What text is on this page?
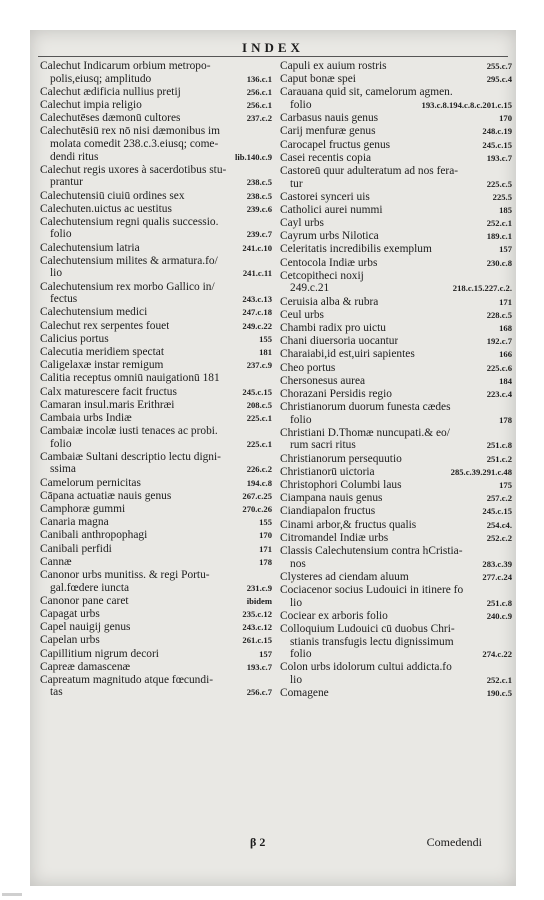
INDEX
Calechut Indicarum orbium metropo-
polis,eiusq; amplitudo	136.c.1
Calechut ædificia nullius pretij	256.c.1
Calechut impia religio	256.c.1
Calechutēses dæmonū cultores	237.c.2
Calechutēsiū rex nō nisi dæmonibus im
molata comedit 238.c.3.eiusq; come-
dendi ritus	lib.140.c.9
Calechut regis uxores à sacerdotibus stu-
prantur	238.c.5
Calechutensiū ciuiū ordines sex	238.c.5
Calechuten.uictus ac uestitus	239.c.6
Calechutensium regni qualis successio.
folio	239.c.7
Calechutensium latria	241.c.10
Calechutensium milites & armatura.fo/
lio	241.c.11
Calechutensium rex morbo Gallico in/
fectus	243.c.13
Calechutensium medici	247.c.18
Calechut rex serpentes fouet	249.c.22
Calicius portus	155
Calecutia meridiem spectat	181
Caligelaxæ instar remigum	237.c.9
Calitia receptus omniū nauigationū 181
Calx maturescere facit fructus	245.c.15
Camaran insul.maris Erithræi	208.c.5
Cambaia urbs Indiæ	225.c.1
Cambaiæ incolæ iusti tenaces ac probi.
folio	225.c.1
Cambaiæ Sultani descriptio lectu digni-
ssima	226.c.2
Camelorum pernicitas	194.c.8
Cāpana actuatiæ nauis genus	267.c.25
Camphoræ gummi	270.c.26
Canaria magna	155
Canibali anthropophagi	170
Canibali perfidi	171
Cannæ	178
Canonor urbs munitiss. & regi Portu-
gal.fœdere iuncta	231.c.9
Canonor pane caret	ibidem
Capagat urbs	235.c.12
Capel nauigij genus	243.c.12
Capelan urbs	261.c.15
Capillitium nigrum decori	157
Capreæ damascenæ	193.c.7
Capreatum magnitudo atque fœcundi-
tas	256.c.7
Capuli ex auium rostris	255.c.7
Caput bonæ spei	295.c.4
Carauana quid sit, camelorum agmen.
folio	193.c.8.194.c.8.c.201.c.15
Carbasus nauis genus	170
Carij menfuræ genus	248.c.19
Carocapel fructus genus	245.c.15
Casei recentis copia	193.c.7
Castoreū quur adulteratum ad nos fera-
tur	225.c.5
Castorei synceri uis	225.5
Catholici aurei nummi	185
Cayl urbs	252.c.1
Cayrum urbs Nilotica	189.c.1
Celeritatis incredibilis exemplum	157
Centocola Indiæ urbs	230.c.8
Cetcopitheci noxij
249.c.21	218.c.15.227.c.2.
Ceruisia alba & rubra	171
Ceul urbs	228.c.5
Chambi radix pro uictu	168
Chani diuersoria uocantur	192.c.7
Charaiabi,id est,uiri sapientes	166
Cheo portus	225.c.6
Chersonesus aurea	184
Chorazani Persidis regio	223.c.4
Christianorum duorum funesta cædes
folio	178
Christiani D.Thomæ nuncupati.& eo/
rum sacri ritus	251.c.8
Christianorum persequutio	251.c.2
Christianorū uictoria	285.c.39.291.c.48
Christophori Columbi laus	175
Ciampana nauis genus	257.c.2
Ciandiapalon fructus	245.c.15
Cinami arbor,& fructus qualis	254.c4.
Citromandel Indiæ urbs	252.c.2
Classis Calechutensium contra hCristia-
nos	283.c.39
Clysteres ad ciendam aluum	277.c.24
Cociacenor socius Ludouici in itinere fo
lio	251.c.8
Cociear ex arboris folio	240.c.9
Colloquium Ludouici cū duobus Chri-
stianis transfugis lectu dignissimum
folio	274.c.22
Colon urbs idolorum cultui addicta.fo
lio	252.c.1
Comagene	190.c.5
β 2	Comedendi
